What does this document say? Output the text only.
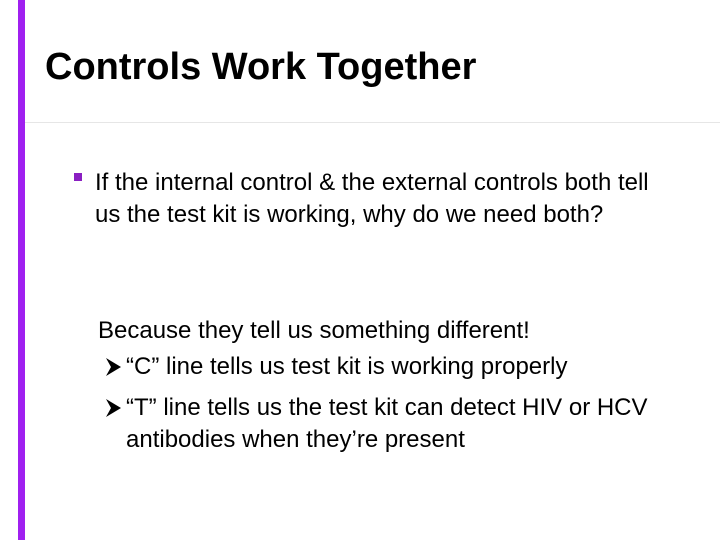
Controls Work Together
If the internal control & the external controls both tell us the test kit is working, why do we need both?
Because they tell us something different!
“C” line tells us test kit is working properly
“T” line tells us the test kit can detect HIV or HCV antibodies when they’re present
